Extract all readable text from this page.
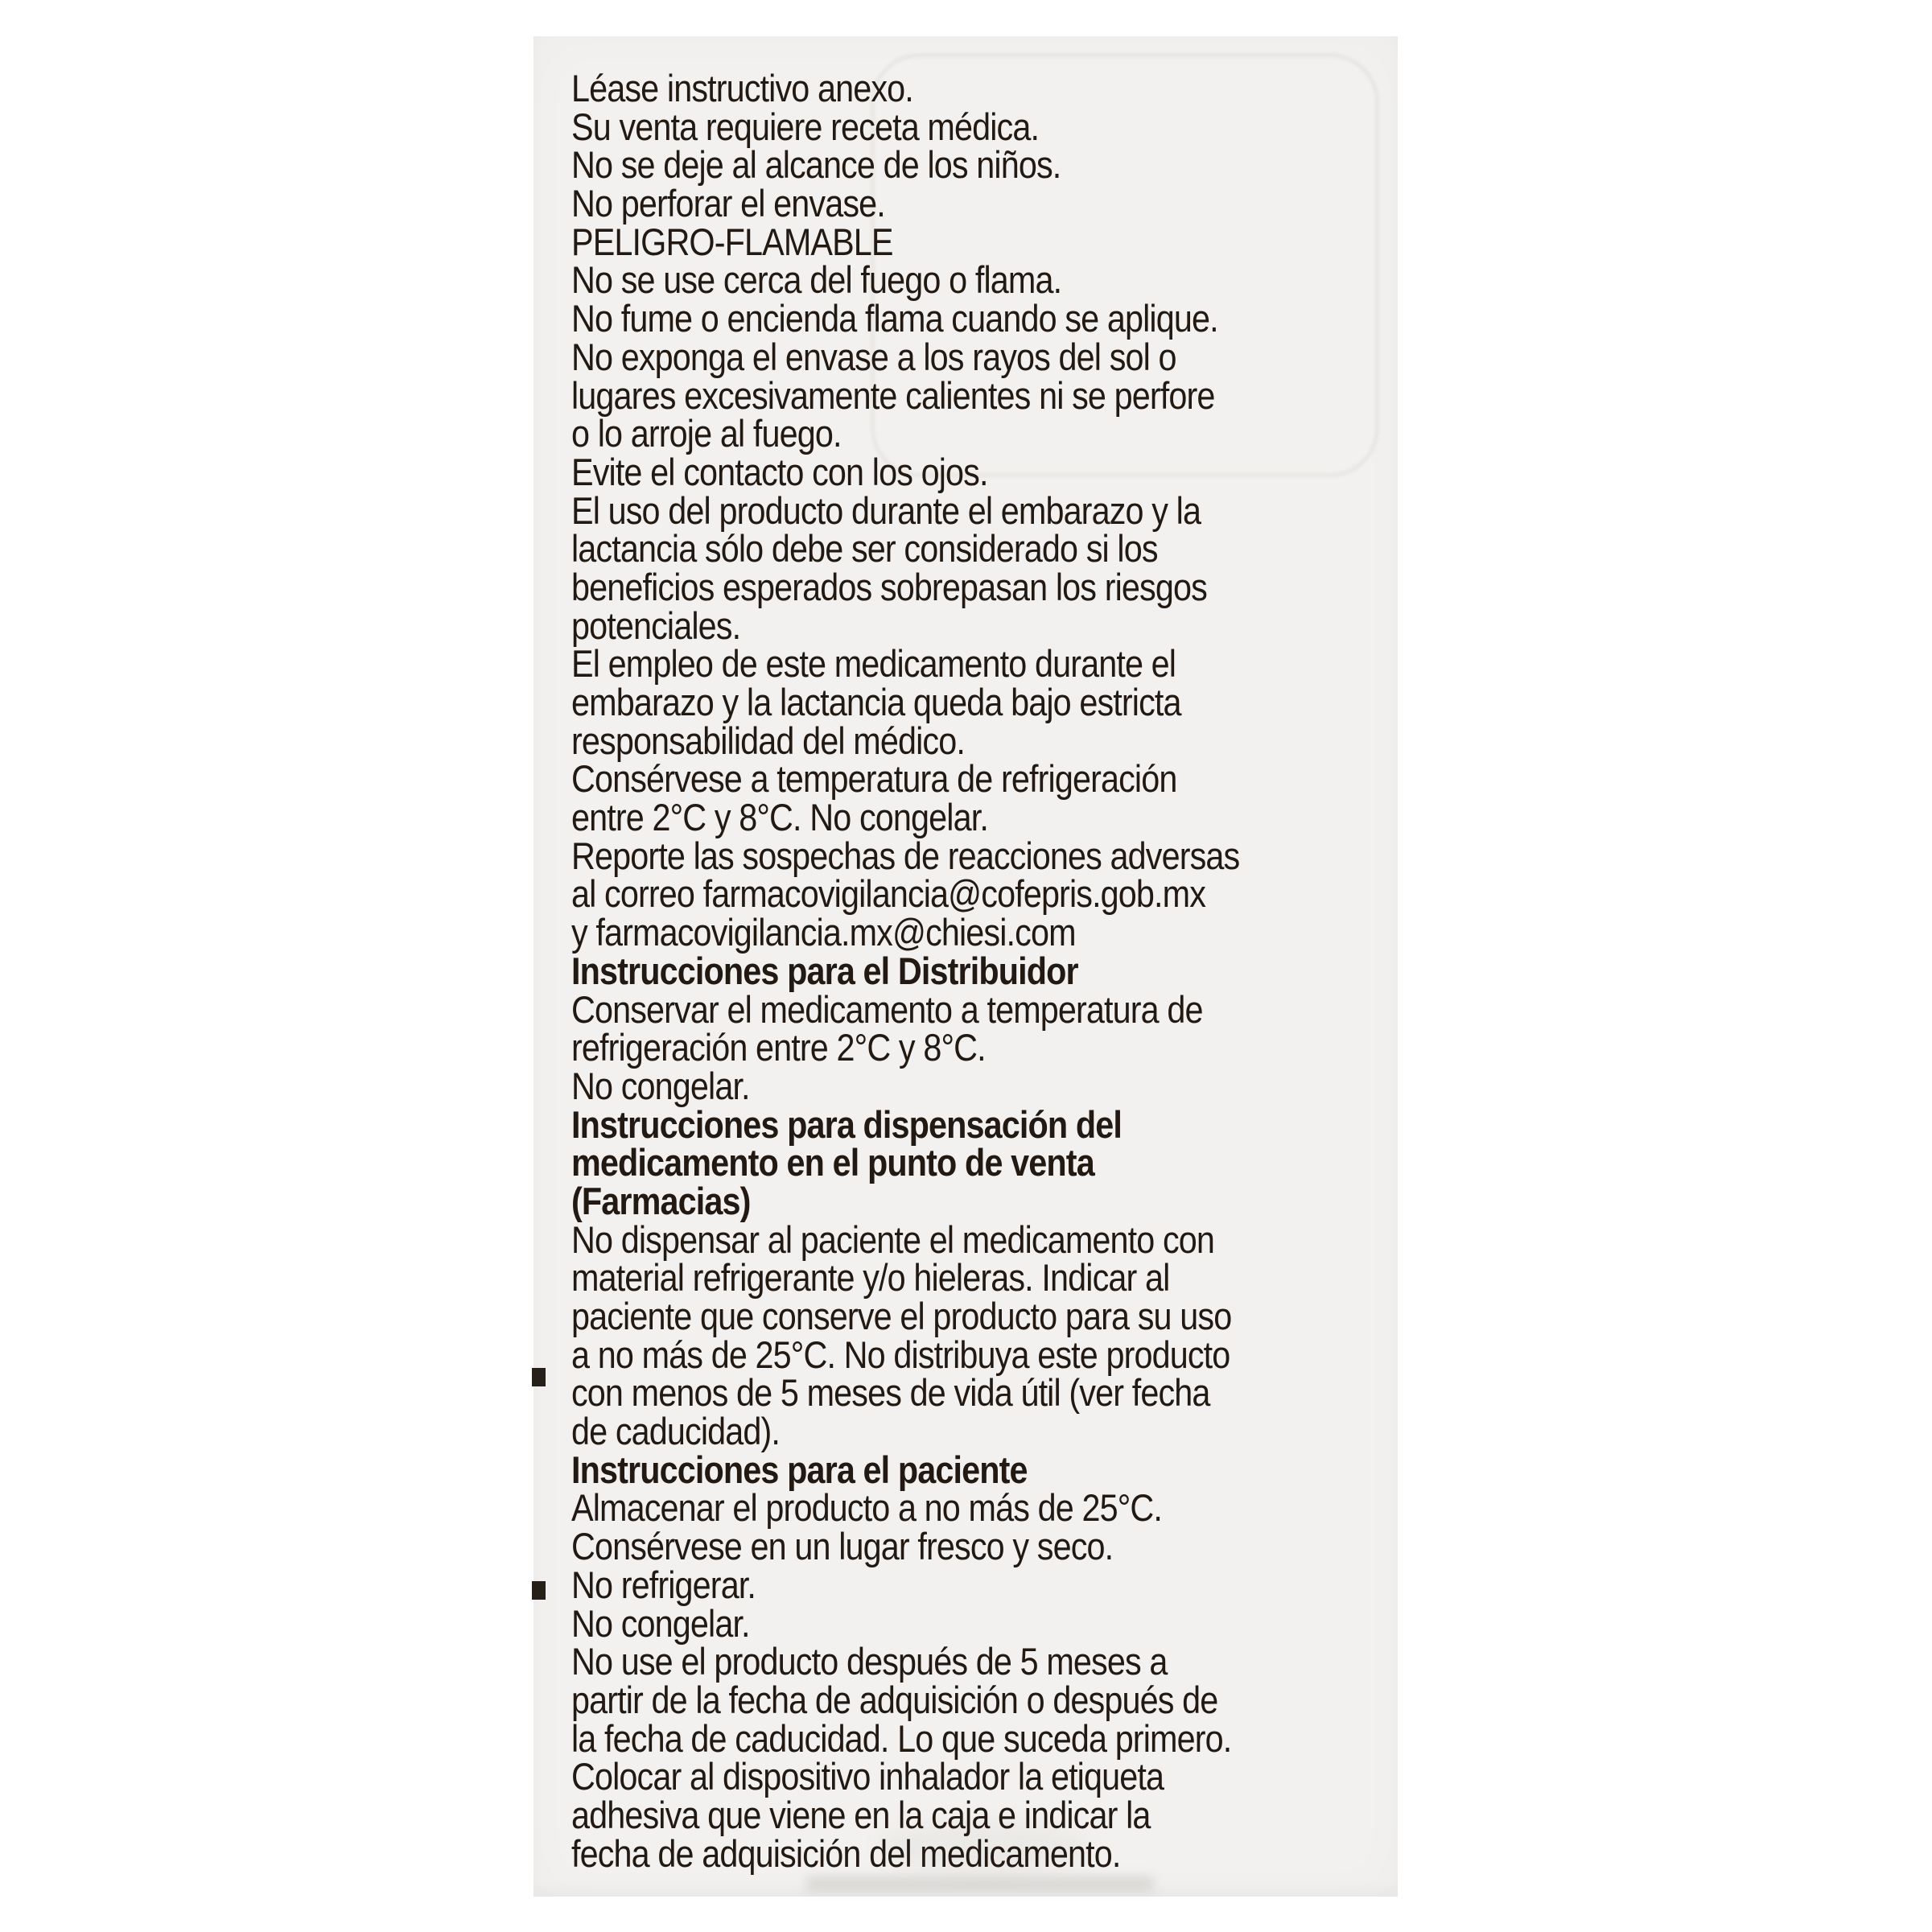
Léase instructivo anexo.
Su venta requiere receta médica.
No se deje al alcance de los niños.
No perforar el envase.
PELIGRO-FLAMABLE
No se use cerca del fuego o flama.
No fume o encienda flama cuando se aplique.
No exponga el envase a los rayos del sol o
lugares excesivamente calientes ni se perfore
o lo arroje al fuego.
Evite el contacto con los ojos.
El uso del producto durante el embarazo y la
lactancia sólo debe ser considerado si los
beneficios esperados sobrepasan los riesgos
potenciales.
El empleo de este medicamento durante el
embarazo y la lactancia queda bajo estricta
responsabilidad del médico.
Consérvese a temperatura de refrigeración
entre 2°C y 8°C. No congelar.
Reporte las sospechas de reacciones adversas
al correo farmacovigilancia@cofepris.gob.mx
y farmacovigilancia.mx@chiesi.com
Instrucciones para el Distribuidor
Conservar el medicamento a temperatura de
refrigeración entre 2°C y 8°C.
No congelar.
Instrucciones para dispensación del
medicamento en el punto de venta
(Farmacias)
No dispensar al paciente el medicamento con
material refrigerante y/o hieleras. Indicar al
paciente que conserve el producto para su uso
a no más de 25°C. No distribuya este producto
con menos de 5 meses de vida útil (ver fecha
de caducidad).
Instrucciones para el paciente
Almacenar el producto a no más de 25°C.
Consérvese en un lugar fresco y seco.
No refrigerar.
No congelar.
No use el producto después de 5 meses a
partir de la fecha de adquisición o después de
la fecha de caducidad. Lo que suceda primero.
Colocar al dispositivo inhalador la etiqueta
adhesiva que viene en la caja e indicar la
fecha de adquisición del medicamento.
